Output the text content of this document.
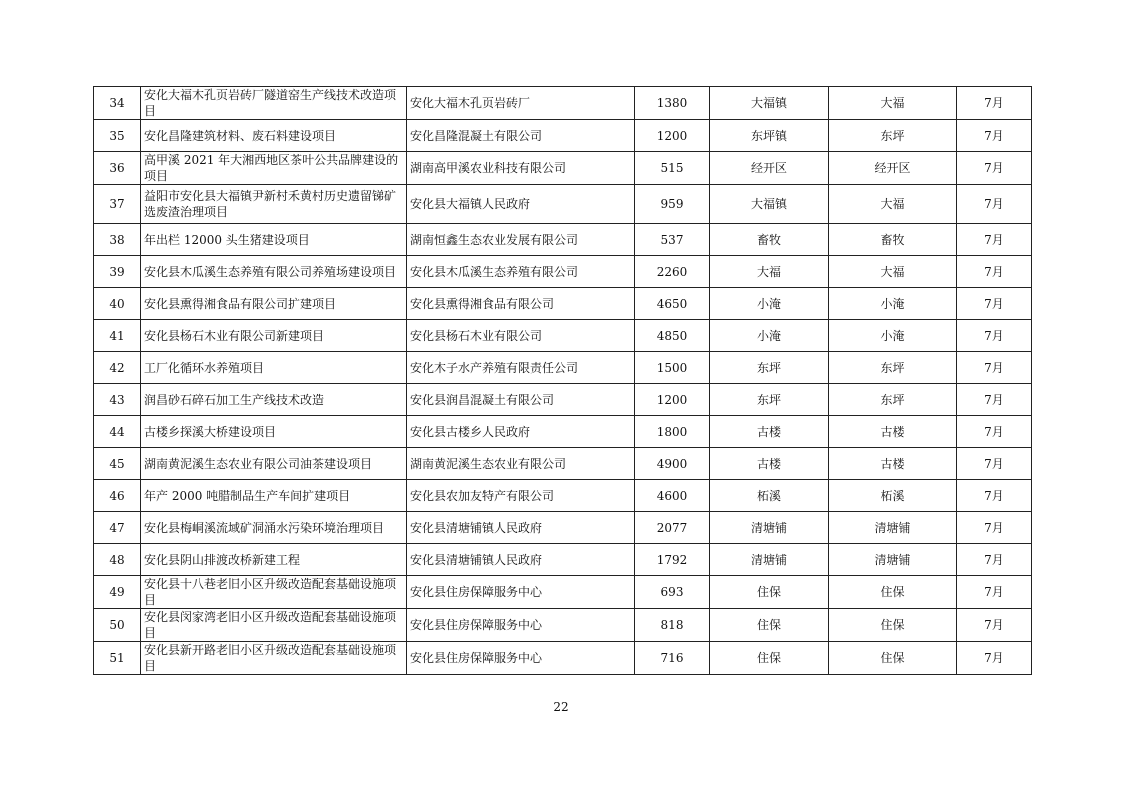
34	安化大福木孔页岩砖厂隧道窑生产线技术改造项目	安化大福木孔页岩砖厂	1380	大福镇	大福	7月
35	安化昌隆建筑材料、废石料建设项目	安化昌隆混凝土有限公司	1200	东坪镇	东坪	7月
36	高甲溪 2021 年大湘西地区茶叶公共品牌建设的项目	湖南高甲溪农业科技有限公司	515	经开区	经开区	7月
37	益阳市安化县大福镇尹新村禾黄村历史遗留锑矿选废渣治理项目	安化县大福镇人民政府	959	大福镇	大福	7月
38	年出栏 12000 头生猪建设项目	湖南恒鑫生态农业发展有限公司	537	畜牧	畜牧	7月
39	安化县木瓜溪生态养殖有限公司养殖场建设项目	安化县木瓜溪生态养殖有限公司	2260	大福	大福	7月
40	安化县熏得湘食品有限公司扩建项目	安化县熏得湘食品有限公司	4650	小淹	小淹	7月
41	安化县杨石木业有限公司新建项目	安化县杨石木业有限公司	4850	小淹	小淹	7月
42	工厂化循环水养殖项目	安化木子水产养殖有限责任公司	1500	东坪	东坪	7月
43	润昌砂石碎石加工生产线技术改造	安化县润昌混凝土有限公司	1200	东坪	东坪	7月
44	古楼乡探溪大桥建设项目	安化县古楼乡人民政府	1800	古楼	古楼	7月
45	湖南黄泥溪生态农业有限公司油茶建设项目	湖南黄泥溪生态农业有限公司	4900	古楼	古楼	7月
46	年产 2000 吨腊制品生产车间扩建项目	安化县农加友特产有限公司	4600	柘溪	柘溪	7月
47	安化县梅峒溪流域矿洞涌水污染环境治理项目	安化县清塘铺镇人民政府	2077	清塘铺	清塘铺	7月
48	安化县阴山排渡改桥新建工程	安化县清塘铺镇人民政府	1792	清塘铺	清塘铺	7月
49	安化县十八巷老旧小区升级改造配套基础设施项目	安化县住房保障服务中心	693	住保	住保	7月
50	安化县闵家湾老旧小区升级改造配套基础设施项目	安化县住房保障服务中心	818	住保	住保	7月
51	安化县新开路老旧小区升级改造配套基础设施项目	安化县住房保障服务中心	716	住保	住保	7月
22
